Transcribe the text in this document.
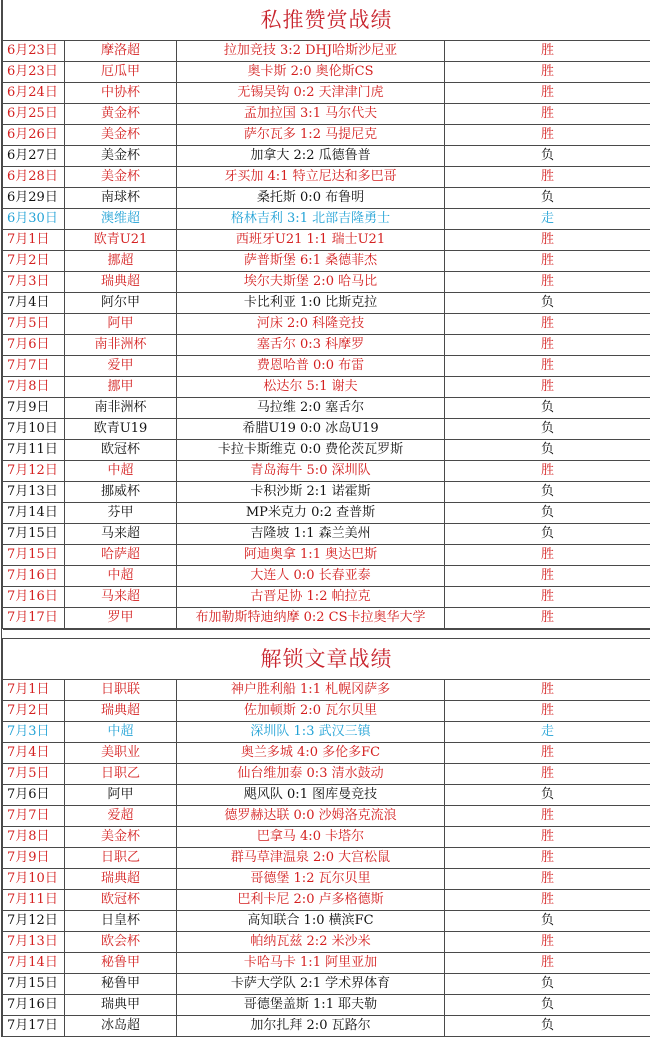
私推赞赏战绩			
6月23日	摩洛超	拉加竞技 3:2 DHJ哈斯沙尼亚	胜
6月23日	厄瓜甲	奥卡斯 2:0 奥伦斯CS	胜
6月24日	中协杯	无锡吴钩 0:2 天津津门虎	胜
6月25日	黄金杯	孟加拉国 3:1 马尔代夫	胜
6月26日	美金杯	萨尔瓦多 1:2 马提尼克	胜
6月27日	美金杯	加拿大 2:2 瓜德鲁普	负
6月28日	美金杯	牙买加 4:1 特立尼达和多巴哥	胜
6月29日	南球杯	桑托斯 0:0 布鲁明	负
6月30日	澳维超	格林吉利 3:1 北部吉隆勇士	走
7月1日	欧青U21	西班牙U21 1:1 瑞士U21	胜
7月2日	挪超	萨普斯堡 6:1 桑德菲杰	胜
7月3日	瑞典超	埃尔夫斯堡 2:0 哈马比	胜
7月4日	阿尔甲	卡比利亚 1:0 比斯克拉	负
7月5日	阿甲	河床 2:0 科隆竞技	胜
7月6日	南非洲杯	塞舌尔 0:3 科摩罗	胜
7月7日	爱甲	费恩哈普 0:0 布雷	胜
7月8日	挪甲	松达尔 5:1 谢夫	胜
7月9日	南非洲杯	马拉维 2:0 塞舌尔	负
7月10日	欧青U19	希腊U19 0:0 冰岛U19	负
7月11日	欧冠杯	卡拉卡斯维克 0:0 费伦茨瓦罗斯	负
7月12日	中超	青岛海牛 5:0 深圳队	胜
7月13日	挪威杯	卡积沙斯 2:1 诺霍斯	负
7月14日	芬甲	MP米克力 0:2 查普斯	负
7月15日	马来超	吉隆坡 1:1 森兰美州	负
7月15日	哈萨超	阿迪奥拿 1:1 奥达巴斯	胜
7月16日	中超	大连人 0:0 长春亚泰	胜
7月16日	马来超	古晋足协 1:2 帕拉克	胜
7月17日	罗甲	布加勒斯特迪纳摩 0:2 CS卡拉奥华大学	胜

解锁文章战绩			
7月1日	日职联	神户胜利船 1:1 札幌冈萨多	胜
7月2日	瑞典超	佐加顿斯 2:0 瓦尔贝里	胜
7月3日	中超	深圳队 1:3 武汉三镇	走
7月4日	美职业	奥兰多城 4:0 多伦多FC	胜
7月5日	日职乙	仙台维加泰 0:3 清水鼓动	胜
7月6日	阿甲	飓风队 0:1 图库曼竞技	负
7月7日	爱超	德罗赫达联 0:0 沙姆洛克流浪	胜
7月8日	美金杯	巴拿马 4:0 卡塔尔	胜
7月9日	日职乙	群马草津温泉 2:0 大宫松鼠	胜
7月10日	瑞典超	哥德堡 1:2 瓦尔贝里	胜
7月11日	欧冠杯	巴利卡尼 2:0 卢多格德斯	胜
7月12日	日皇杯	高知联合 1:0 横滨FC	负
7月13日	欧会杯	帕纳瓦兹 2:2 米沙米	胜
7月14日	秘鲁甲	卡哈马卡 1:1 阿里亚加	胜
7月15日	秘鲁甲	卡萨大学队 2:1 学术界体育	负
7月16日	瑞典甲	哥德堡盖斯 1:1 耶夫勒	负
7月17日	冰岛超	加尔扎拜 2:0 瓦路尔	负
